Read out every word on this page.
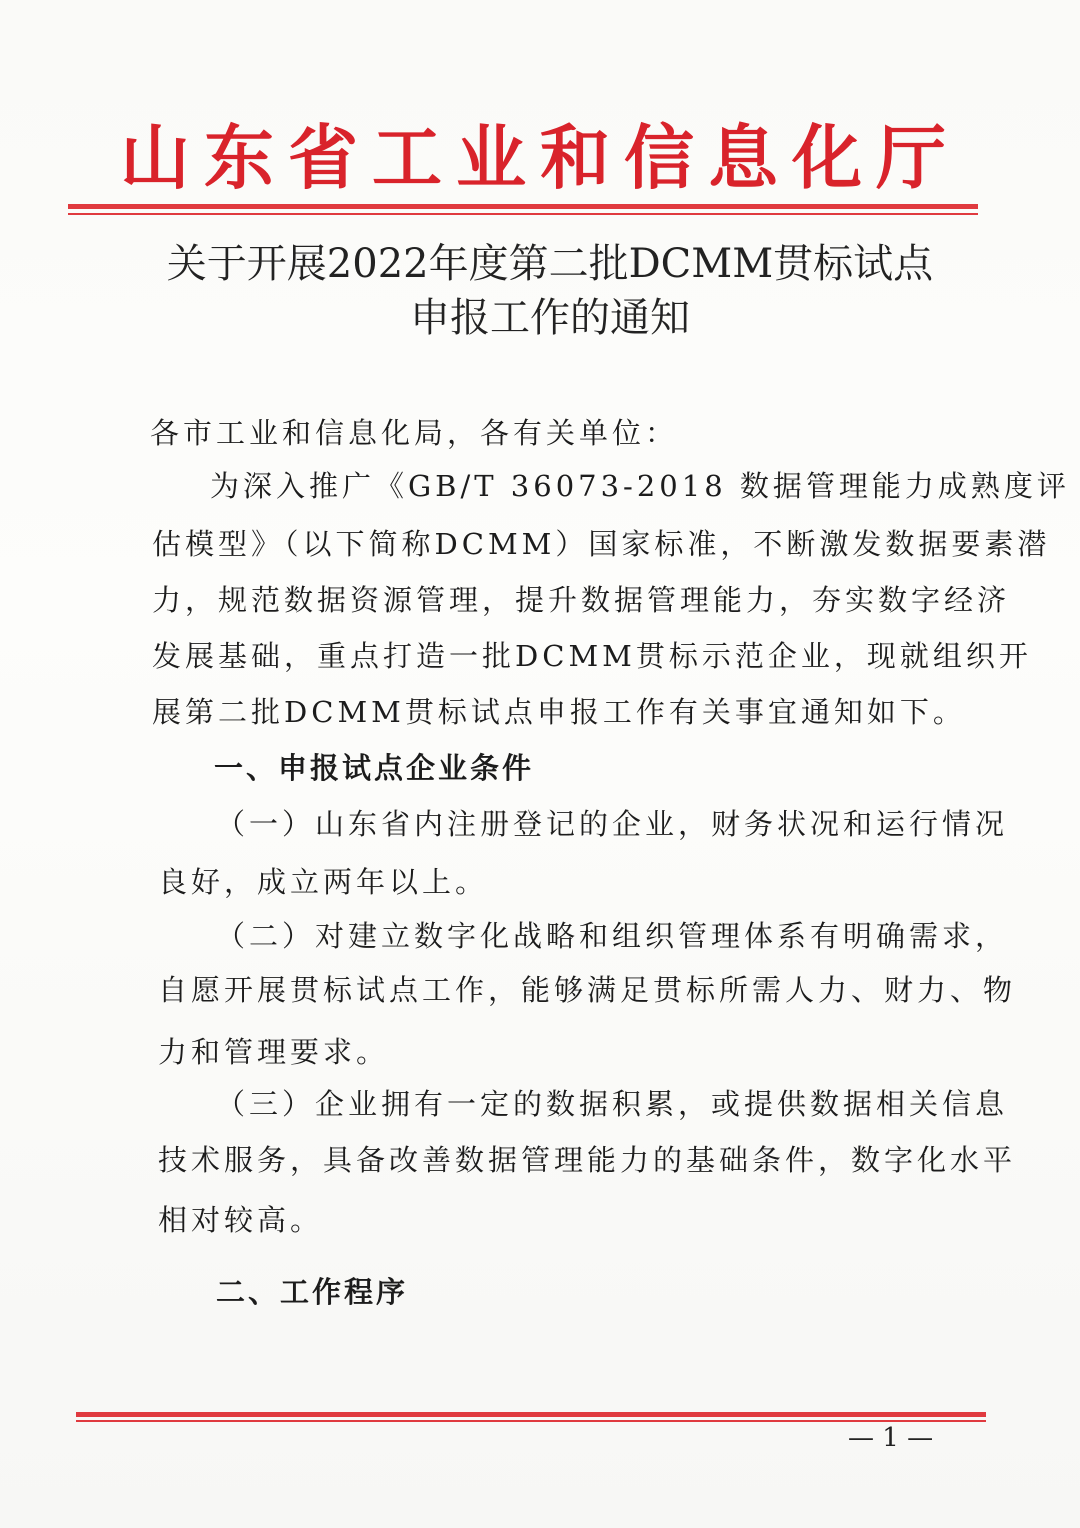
山东省工业和信息化厅
关于开展2022年度第二批DCMM贯标试点
申报工作的通知
各市工业和信息化局，各有关单位：
为深入推广《GB/T 36073-2018 数据管理能力成熟度评
估模型》（以下简称DCMM）国家标准，不断激发数据要素潜
力，规范数据资源管理，提升数据管理能力，夯实数字经济
发展基础，重点打造一批DCMM贯标示范企业，现就组织开
展第二批DCMM贯标试点申报工作有关事宜通知如下。
一、申报试点企业条件
（一）山东省内注册登记的企业，财务状况和运行情况
良好，成立两年以上。
（二）对建立数字化战略和组织管理体系有明确需求，
自愿开展贯标试点工作，能够满足贯标所需人力、财力、物
力和管理要求。
（三）企业拥有一定的数据积累，或提供数据相关信息
技术服务，具备改善数据管理能力的基础条件，数字化水平
相对较高。
二、工作程序
— 1 —
